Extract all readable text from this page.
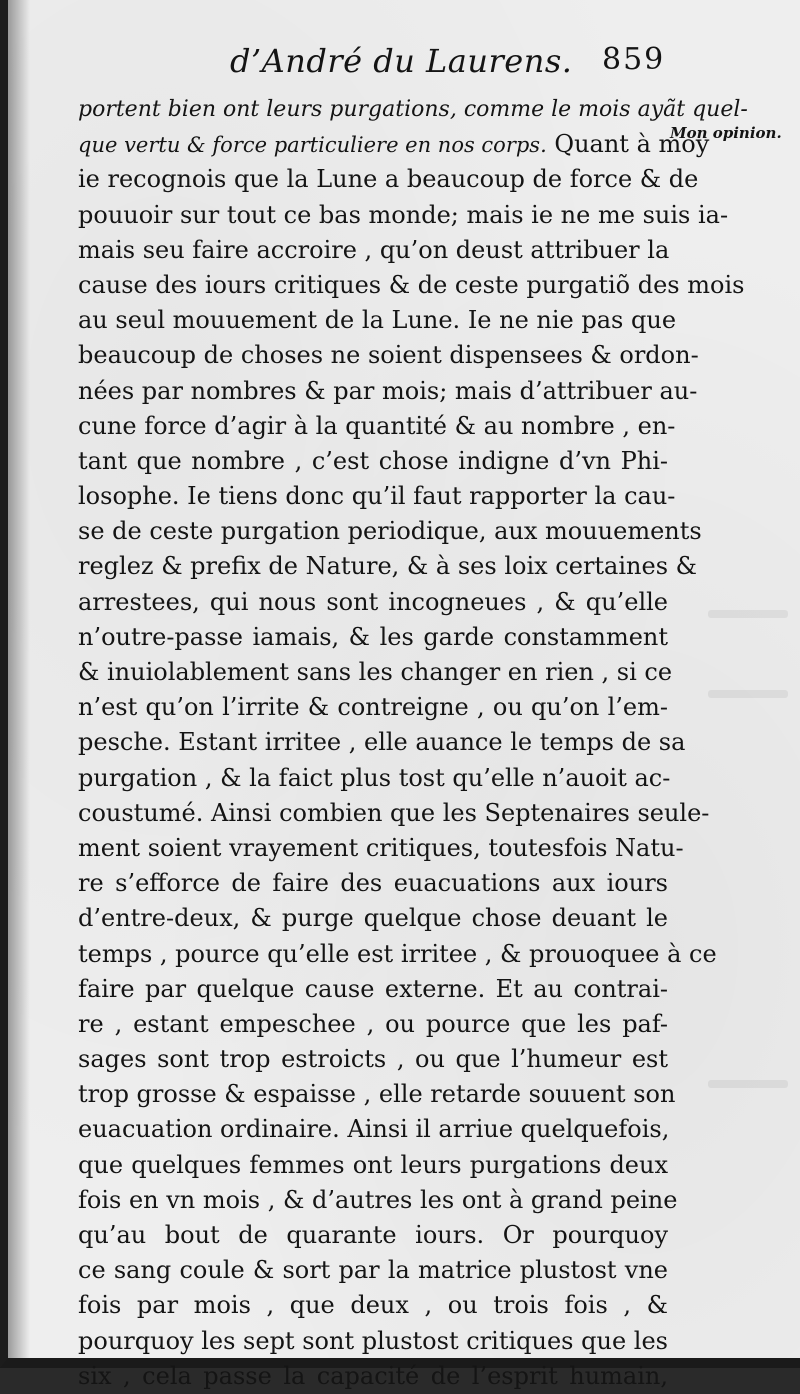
d’André du Laurens. 859
Mon opinion.
portent bien ont leurs purgations, comme le mois ayãt quel-
que vertu & force particuliere en nos corps. Quant à moy
ie recognois que la Lune a beaucoup de force & de
pouuoir sur tout ce bas monde; mais ie ne me suis ia-
mais seu faire accroire , qu’on deust attribuer la
cause des iours critiques & de ceste purgatiõ des mois
au seul mouuement de la Lune. Ie ne nie pas que
beaucoup de choses ne soient dispensees & ordon-
nées par nombres & par mois; mais d’attribuer au-
cune force d’agir à la quantité & au nombre , en-
tant que nombre , c’est chose indigne d’vn Phi-
losophe. Ie tiens donc qu’il faut rapporter la cau-
se de ceste purgation periodique, aux mouuements
reglez & prefix de Nature, & à ses loix certaines &
arrestees, qui nous sont incogneues , & qu’elle
n’outre-passe iamais, & les garde constamment
& inuiolablement sans les changer en rien , si ce
n’est qu’on l’irrite & contreigne , ou qu’on l’em-
pesche. Estant irritee , elle auance le temps de sa
purgation , & la faict plus tost qu’elle n’auoit ac-
coustumé. Ainsi combien que les Septenaires seule-
ment soient vrayement critiques, toutesfois Natu-
re s’efforce de faire des euacuations aux iours
d’entre-deux, & purge quelque chose deuant le
temps , pource qu’elle est irritee , & prouoquee à ce
faire par quelque cause externe. Et au contrai-
re , estant empeschee , ou pource que les paf-
sages sont trop estroicts , ou que l’humeur est
trop grosse & espaisse , elle retarde souuent son
euacuation ordinaire. Ainsi il arriue quelquefois,
que quelques femmes ont leurs purgations deux
fois en vn mois , & d’autres les ont à grand peine
qu’au bout de quarante iours. Or pourquoy
ce sang coule & sort par la matrice plustost vne
fois par mois , que deux , ou trois fois , &
pourquoy les sept sont plustost critiques que les
six , cela passe la capacité de l’esprit humain,
